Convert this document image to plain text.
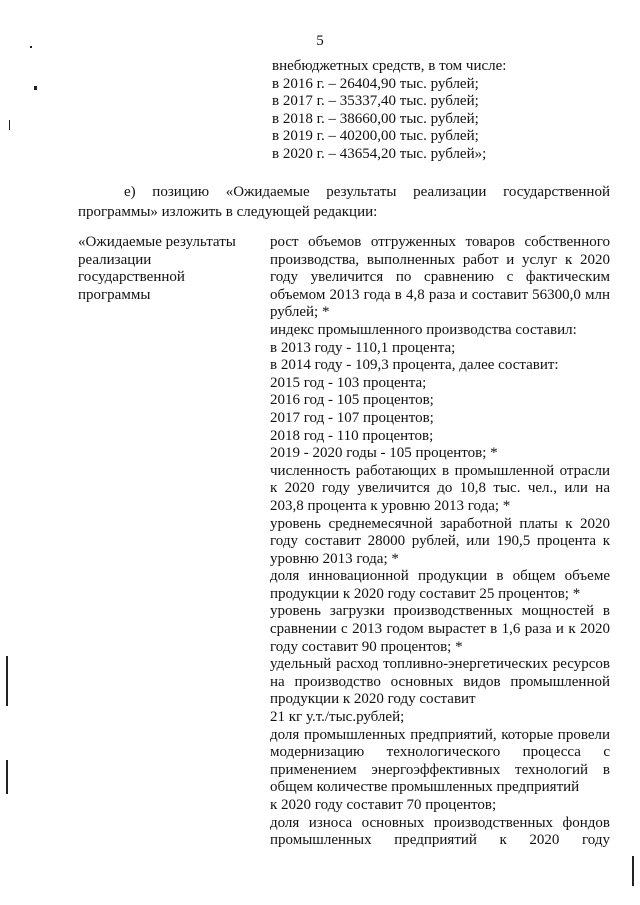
5
внебюджетных средств, в том числе:
в 2016 г. – 26404,90 тыс. рублей;
в 2017 г. – 35337,40 тыс. рублей;
в 2018 г. – 38660,00 тыс. рублей;
в 2019 г. – 40200,00 тыс. рублей;
в 2020 г. – 43654,20 тыс. рублей»;
е) позицию «Ожидаемые результаты реализации государственной программы» изложить в следующей редакции:
«Ожидаемые результаты
реализации
государственной
программы
рост объемов отгруженных товаров собственного
производства, выполненных работ и услуг к 2020
году увеличится по сравнению с фактическим
объемом 2013 года в 4,8 раза и составит 56300,0 млн
рублей; *
индекс промышленного производства составил:
в 2013 году - 110,1 процента;
в 2014 году - 109,3 процента, далее составит:
2015 год - 103 процента;
2016 год - 105 процентов;
2017 год - 107 процентов;
2018 год - 110 процентов;
2019 - 2020 годы - 105 процентов; *
численность работающих в промышленной отрасли
к 2020 году увеличится до 10,8 тыс. чел., или на
203,8 процента к уровню 2013 года; *
уровень среднемесячной заработной платы к 2020
году составит 28000 рублей, или 190,5 процента к
уровню 2013 года; *
доля инновационной продукции в общем объеме
продукции к 2020 году составит 25 процентов; *
уровень загрузки производственных мощностей в
сравнении с 2013 годом вырастет в 1,6 раза и к 2020
году составит 90 процентов; *
удельный расход топливно-энергетических ресурсов
на производство основных видов промышленной
продукции к 2020 году составит
21 кг у.т./тыс.рублей;
доля промышленных предприятий, которые провели
модернизацию технологического процесса с
применением энергоэффективных технологий в
общем количестве промышленных предприятий
к 2020 году составит 70 процентов;
доля износа основных производственных фондов
промышленных предприятий к 2020 году
